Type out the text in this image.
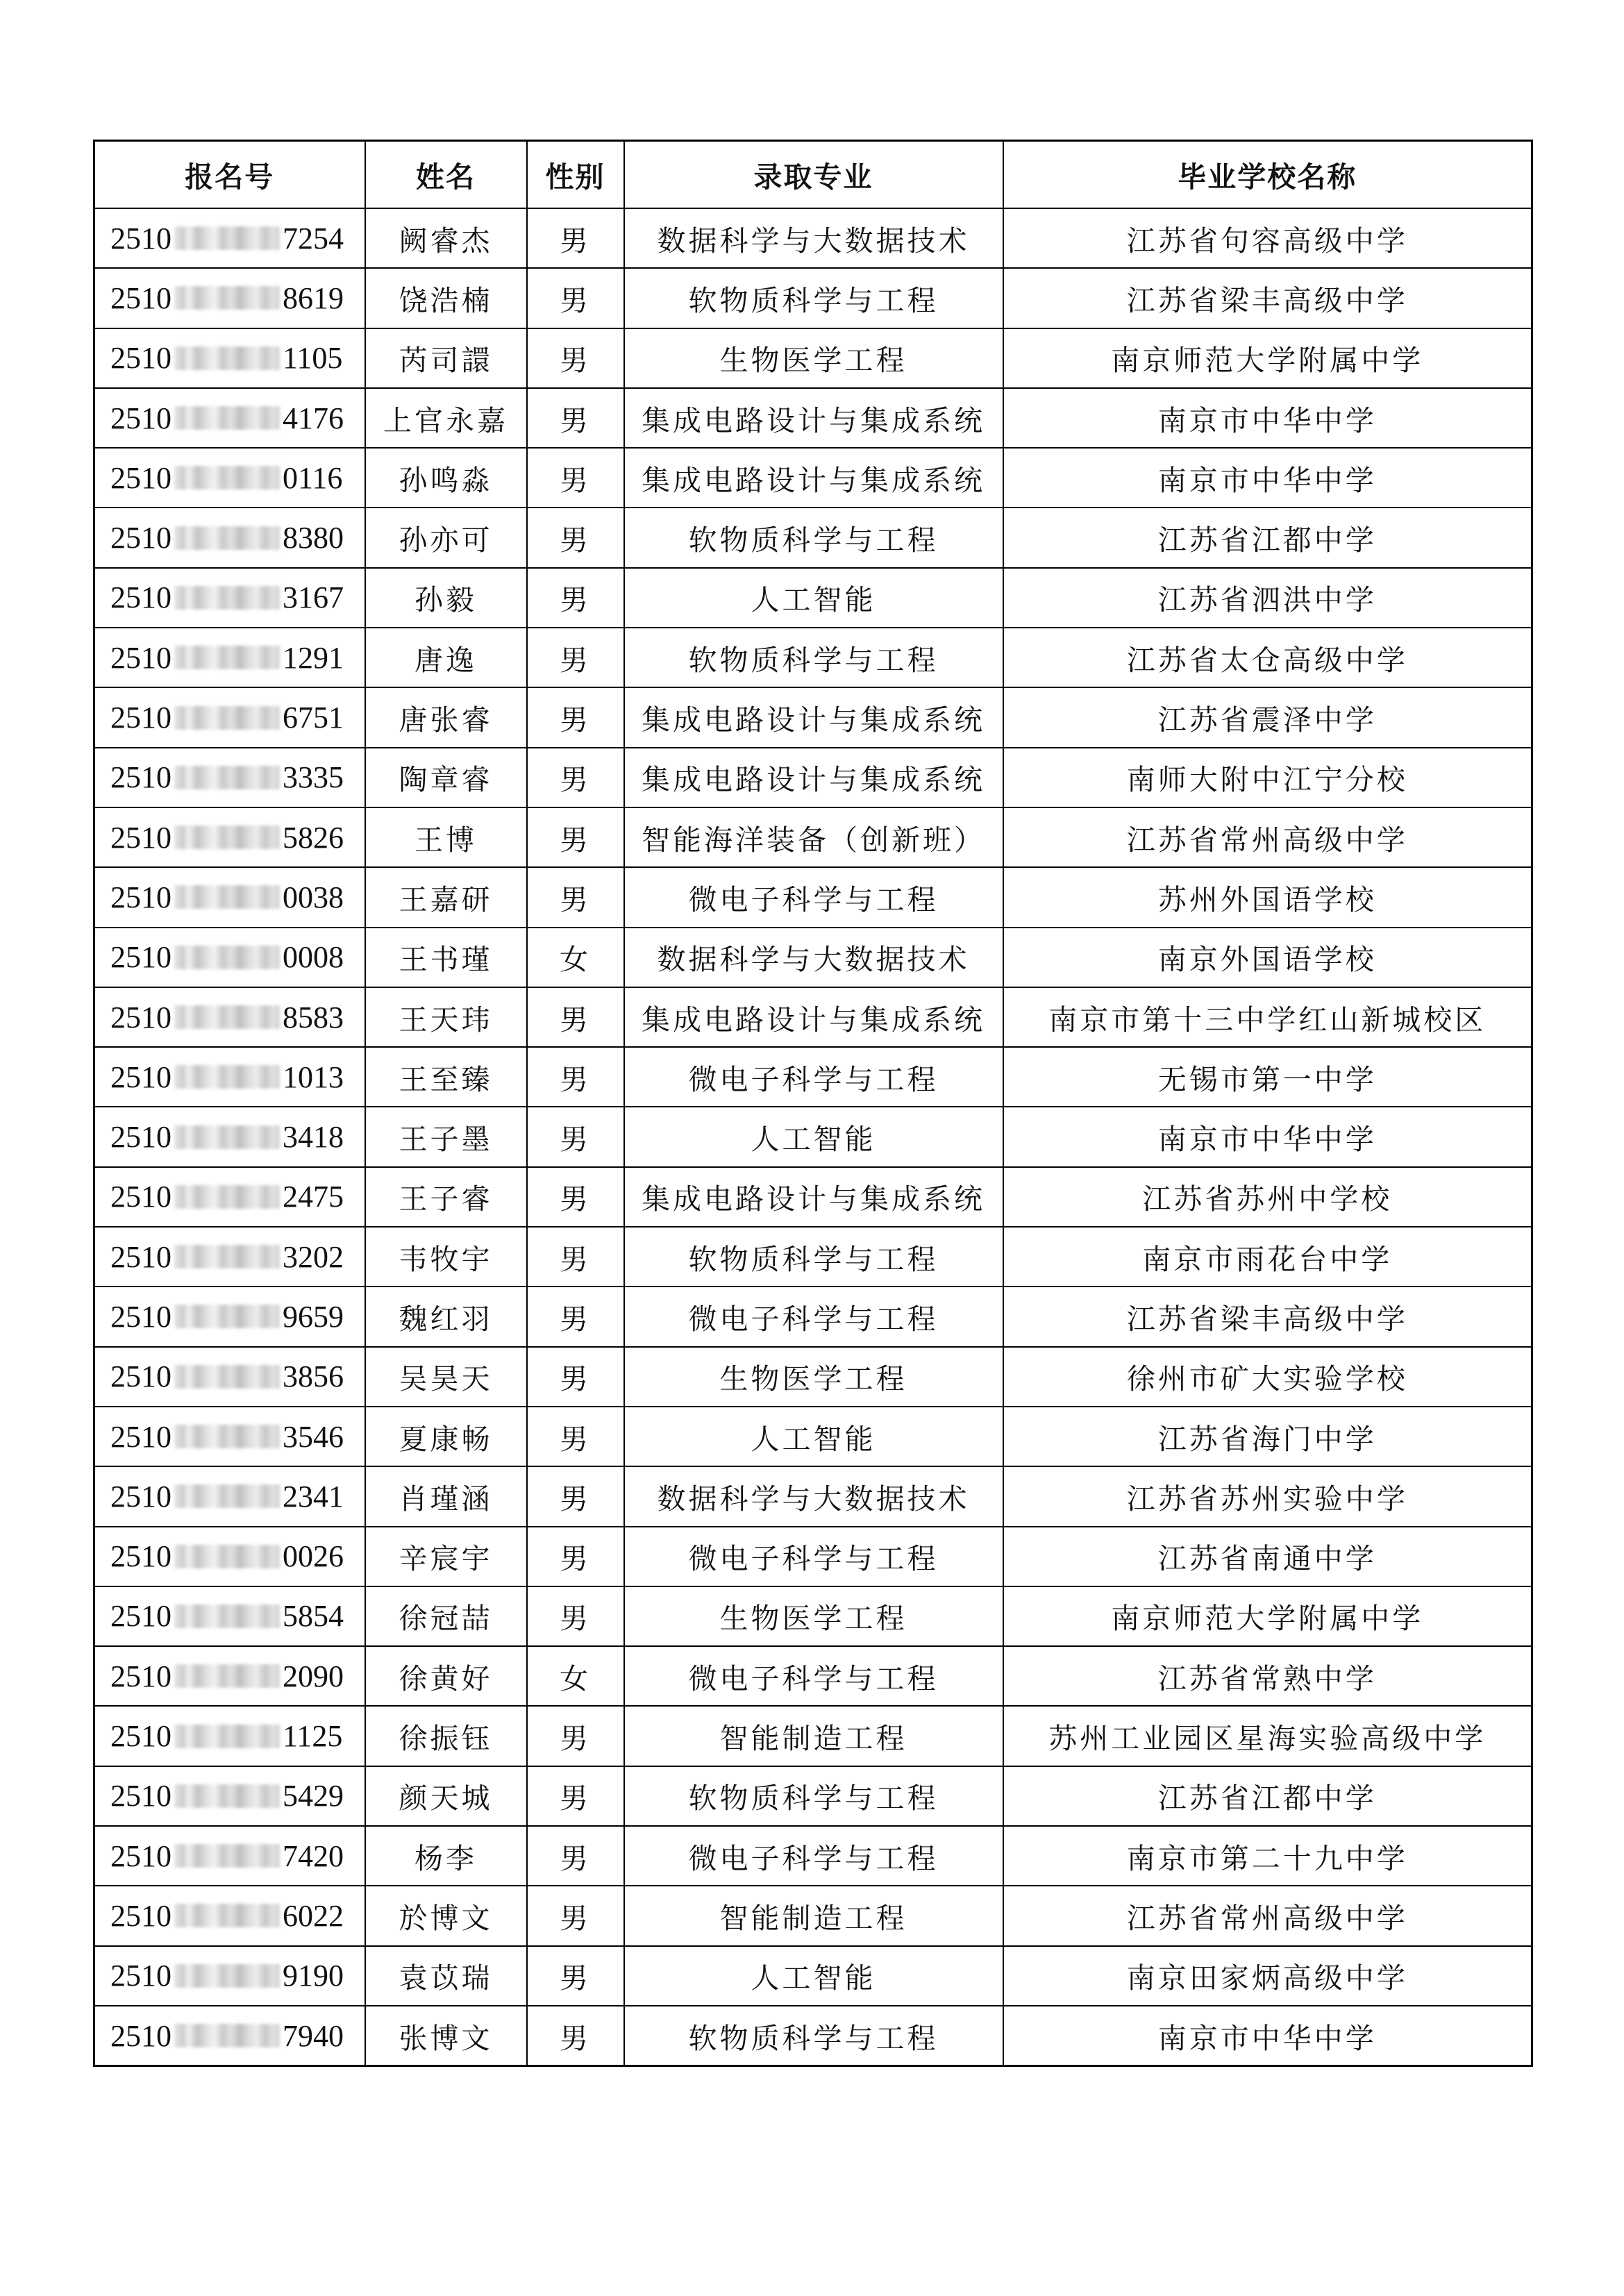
报名号	姓名	性别	录取专业	毕业学校名称

2510 7254	阙睿杰	男	数据科学与大数据技术	江苏省句容高级中学

2510 8619	饶浩楠	男	软物质科学与工程	江苏省梁丰高级中学

2510 1105	芮司譞	男	生物医学工程	南京师范大学附属中学

2510 4176	上官永嘉	男	集成电路设计与集成系统	南京市中华中学

2510 0116	孙鸣淼	男	集成电路设计与集成系统	南京市中华中学

2510 8380	孙亦可	男	软物质科学与工程	江苏省江都中学

2510 3167	孙毅	男	人工智能	江苏省泗洪中学

2510 1291	唐逸	男	软物质科学与工程	江苏省太仓高级中学

2510 6751	唐张睿	男	集成电路设计与集成系统	江苏省震泽中学

2510 3335	陶章睿	男	集成电路设计与集成系统	南师大附中江宁分校

2510 5826	王博	男	智能海洋装备（创新班）	江苏省常州高级中学

2510 0038	王嘉研	男	微电子科学与工程	苏州外国语学校

2510 0008	王书瑾	女	数据科学与大数据技术	南京外国语学校

2510 8583	王天玮	男	集成电路设计与集成系统	南京市第十三中学红山新城校区

2510 1013	王至臻	男	微电子科学与工程	无锡市第一中学

2510 3418	王子墨	男	人工智能	南京市中华中学

2510 2475	王子睿	男	集成电路设计与集成系统	江苏省苏州中学校

2510 3202	韦牧宇	男	软物质科学与工程	南京市雨花台中学

2510 9659	魏红羽	男	微电子科学与工程	江苏省梁丰高级中学

2510 3856	吴昊天	男	生物医学工程	徐州市矿大实验学校

2510 3546	夏康畅	男	人工智能	江苏省海门中学

2510 2341	肖瑾涵	男	数据科学与大数据技术	江苏省苏州实验中学

2510 0026	辛宸宇	男	微电子科学与工程	江苏省南通中学

2510 5854	徐冠喆	男	生物医学工程	南京师范大学附属中学

2510 2090	徐黄好	女	微电子科学与工程	江苏省常熟中学

2510 1125	徐振钰	男	智能制造工程	苏州工业园区星海实验高级中学

2510 5429	颜天城	男	软物质科学与工程	江苏省江都中学

2510 7420	杨李	男	微电子科学与工程	南京市第二十九中学

2510 6022	於博文	男	智能制造工程	江苏省常州高级中学

2510 9190	袁苡瑞	男	人工智能	南京田家炳高级中学

2510 7940	张博文	男	软物质科学与工程	南京市中华中学
